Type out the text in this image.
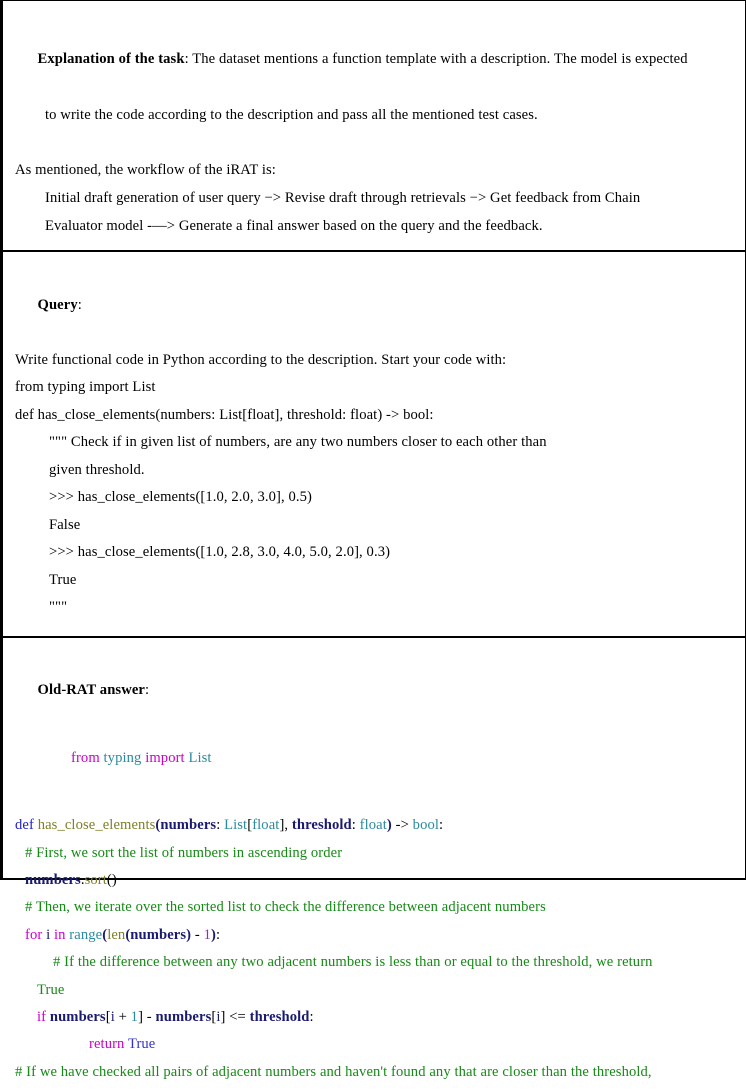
Explanation of the task: The dataset mentions a function template with a description. The model is expected

to write the code according to the description and pass all the mentioned test cases.
As mentioned, the workflow of the iRAT is:
Initial draft generation of user query −> Revise draft through retrievals −> Get feedback from Chain
Evaluator model -—> Generate a final answer based on the query and the feedback.

Query:

Write functional code in Python according to the description. Start your code with:
from typing import List
def has_close_elements(numbers: List[float], threshold: float) -> bool:
""" Check if in given list of numbers, are any two numbers closer to each other than
given threshold.
>>> has_close_elements([1.0, 2.0, 3.0], 0.5)
False
>>> has_close_elements([1.0, 2.8, 3.0, 4.0, 5.0, 2.0], 0.3)
True
"""

Old-RAT answer:

from typing import List
def has_close_elements(numbers: List[float], threshold: float) -> bool:
# First, we sort the list of numbers in ascending order
numbers.sort()
# Then, we iterate over the sorted list to check the difference between adjacent numbers
for i in range(len(numbers) - 1):
# If the difference between any two adjacent numbers is less than or equal to the threshold, we return
True
if numbers[i + 1] - numbers[i] <= threshold:
return True
# If we have checked all pairs of adjacent numbers and haven't found any that are closer than the threshold,
